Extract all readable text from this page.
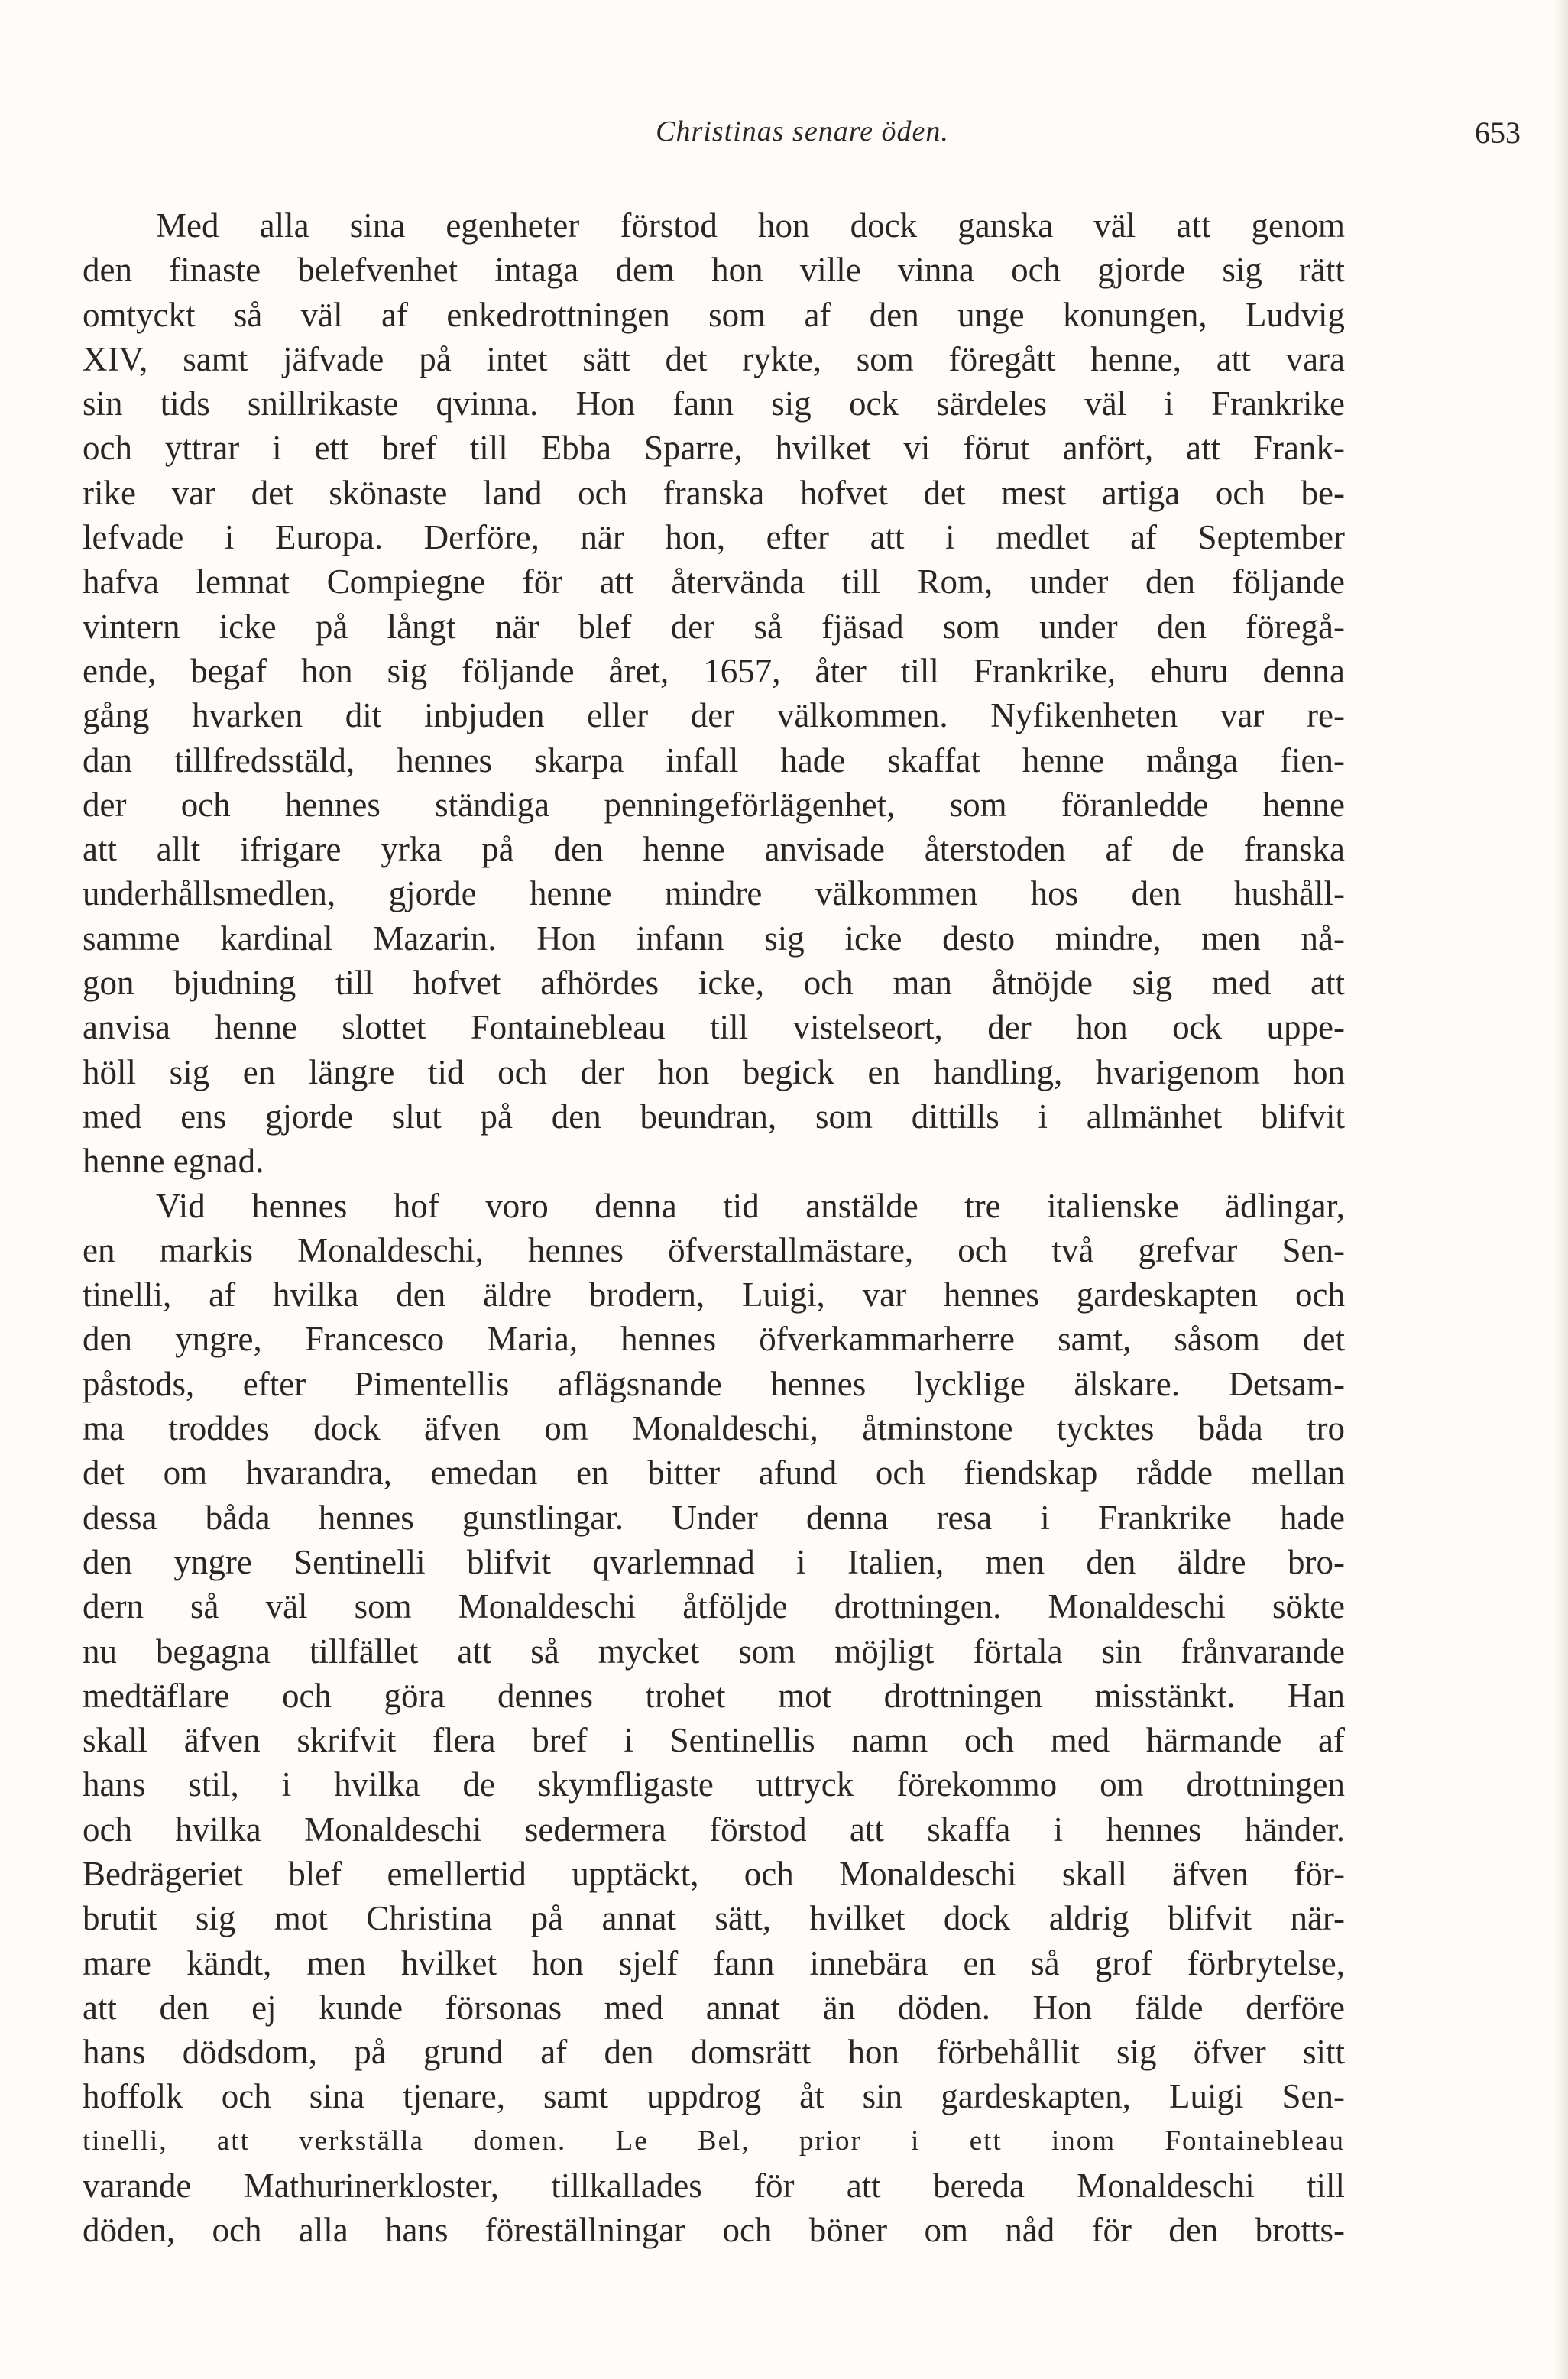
Christinas senare öden.	653
Med alla sina egenheter förstod hon dock ganska väl att genom
den finaste belefvenhet intaga dem hon ville vinna och gjorde sig rätt
omtyckt så väl af enkedrottningen som af den unge konungen, Ludvig
XIV, samt jäfvade på intet sätt det rykte, som föregått henne, att vara
sin tids snillrikaste qvinna. Hon fann sig ock särdeles väl i Frankrike
och yttrar i ett bref till Ebba Sparre, hvilket vi förut anfört, att Frank-
rike var det skönaste land och franska hofvet det mest artiga och be-
lefvade i Europa. Derföre, när hon, efter att i medlet af September
hafva lemnat Compiegne för att återvända till Rom, under den följande
vintern icke på långt när blef der så fjäsad som under den föregå-
ende, begaf hon sig följande året, 1657, åter till Frankrike, ehuru denna
gång hvarken dit inbjuden eller der välkommen. Nyfikenheten var re-
dan tillfredsstäld, hennes skarpa infall hade skaffat henne många fien-
der och hennes ständiga penningeförlägenhet, som föranledde henne
att allt ifrigare yrka på den henne anvisade återstoden af de franska
underhållsmedlen, gjorde henne mindre välkommen hos den hushåll-
samme kardinal Mazarin. Hon infann sig icke desto mindre, men nå-
gon bjudning till hofvet afhördes icke, och man åtnöjde sig med att
anvisa henne slottet Fontainebleau till vistelseort, der hon ock uppe-
höll sig en längre tid och der hon begick en handling, hvarigenom hon
med ens gjorde slut på den beundran, som dittills i allmänhet blifvit
henne egnad.
Vid hennes hof voro denna tid anstälde tre italienske ädlingar,
en markis Monaldeschi, hennes öfverstallmästare, och två grefvar Sen-
tinelli, af hvilka den äldre brodern, Luigi, var hennes gardeskapten och
den yngre, Francesco Maria, hennes öfverkammarherre samt, såsom det
påstods, efter Pimentellis aflägsnande hennes lycklige älskare. Detsam-
ma troddes dock äfven om Monaldeschi, åtminstone tycktes båda tro
det om hvarandra, emedan en bitter afund och fiendskap rådde mellan
dessa båda hennes gunstlingar. Under denna resa i Frankrike hade
den yngre Sentinelli blifvit qvarlemnad i Italien, men den äldre bro-
dern så väl som Monaldeschi åtföljde drottningen. Monaldeschi sökte
nu begagna tillfället att så mycket som möjligt förtala sin frånvarande
medtäflare och göra dennes trohet mot drottningen misstänkt. Han
skall äfven skrifvit flera bref i Sentinellis namn och med härmande af
hans stil, i hvilka de skymfligaste uttryck förekommo om drottningen
och hvilka Monaldeschi sedermera förstod att skaffa i hennes händer.
Bedrägeriet blef emellertid upptäckt, och Monaldeschi skall äfven för-
brutit sig mot Christina på annat sätt, hvilket dock aldrig blifvit när-
mare kändt, men hvilket hon sjelf fann innebära en så grof förbrytelse,
att den ej kunde försonas med annat än döden. Hon fälde derföre
hans dödsdom, på grund af den domsrätt hon förbehållit sig öfver sitt
hoffolk och sina tjenare, samt uppdrog åt sin gardeskapten, Luigi Sen-
tinelli, att verkställa domen. Le Bel, prior i ett inom Fontainebleau
varande Mathurinerkloster, tillkallades för att bereda Monaldeschi till
döden, och alla hans föreställningar och böner om nåd för den brotts-
